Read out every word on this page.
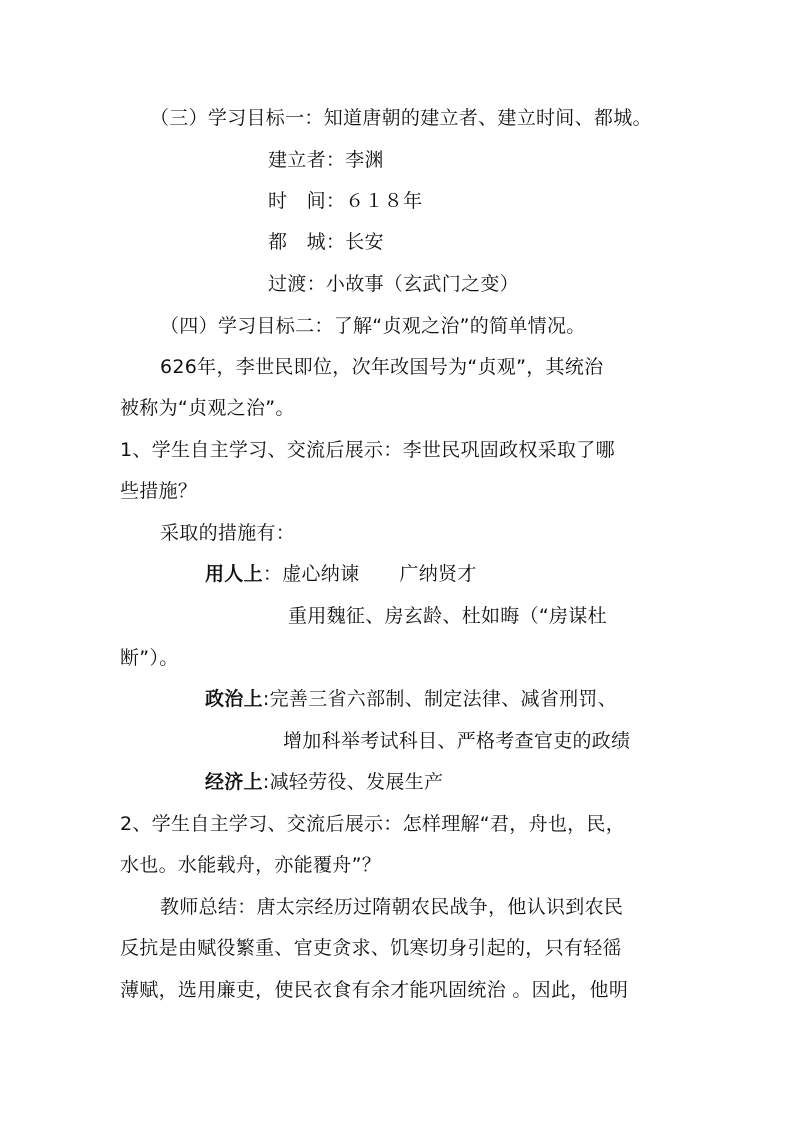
（三）学习目标一：知道唐朝的建立者、建立时间、都城。
建立者：李渊
时　间：６１８年
都　城：长安
过渡：小故事（玄武门之变）
（四）学习目标二：了解“贞观之治”的简单情况。
626年，李世民即位，次年改国号为“贞观”，其统治
被称为“贞观之治”。
1、学生自主学习、交流后展示：李世民巩固政权采取了哪
些措施？
采取的措施有：
用人上：虚心纳谏 广纳贤才
重用魏征、房玄龄、杜如晦（“房谋杜
断”）。
政治上:完善三省六部制、制定法律、减省刑罚、
增加科举考试科目、严格考查官吏的政绩
经济上:减轻劳役、发展生产
2、学生自主学习、交流后展示：怎样理解“君，舟也，民，
水也。水能载舟，亦能覆舟”？
教师总结：唐太宗经历过隋朝农民战争，他认识到农民
反抗是由赋役繁重、官吏贪求、饥寒切身引起的，只有轻徭
薄赋，选用廉吏，使民衣食有余才能巩固统治 。因此，他明
